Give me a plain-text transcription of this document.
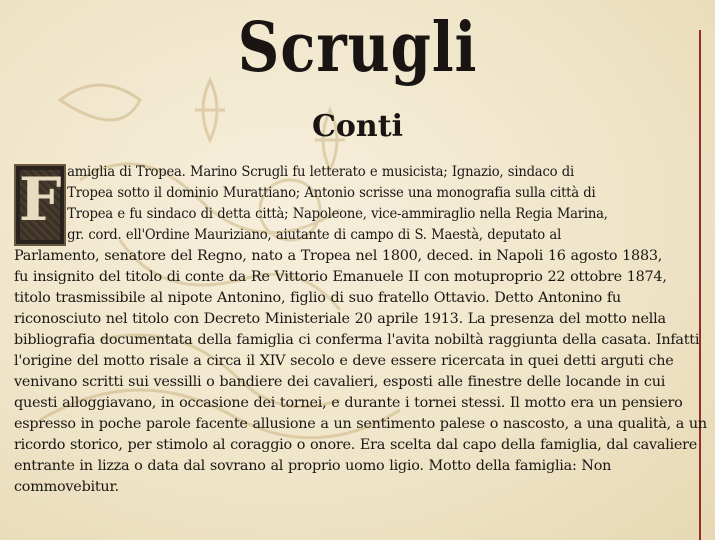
Scrugli
Conti
F amiglia di Tropea. Marino Scrugli fu letterato e musicista; Ignazio, sindaco di
Tropea sotto il dominio Murattiano; Antonio scrisse una monografia sulla città di
Tropea e fu sindaco di detta città; Napoleone, vice-ammiraglio nella Regia Marina,
gr. cord. ell'Ordine Mauriziano, aiutante di campo di S. Maestà, deputato al
Parlamento, senatore del Regno, nato a Tropea nel 1800, deced. in Napoli 16 agosto 1883,
fu insignito del titolo di conte da Re Vittorio Emanuele II con motuproprio 22 ottobre 1874,
titolo trasmissibile al nipote Antonino, figlio di suo fratello Ottavio. Detto Antonino fu
riconosciuto nel titolo con Decreto Ministeriale 20 aprile 1913. La presenza del motto nella
bibliografia documentata della famiglia ci conferma l'avita nobiltà raggiunta della casata. Infatti
l'origine del motto risale a circa il XIV secolo e deve essere ricercata in quei detti arguti che
venivano scritti sui vessilli o bandiere dei cavalieri, esposti alle finestre delle locande in cui
questi alloggiavano, in occasione dei tornei, e durante i tornei stessi. Il motto era un pensiero
espresso in poche parole facente allusione a un sentimento palese o nascosto, a una qualità, a un
ricordo storico, per stimolo al coraggio o onore. Era scelta dal capo della famiglia, dal cavaliere
entrante in lizza o data dal sovrano al proprio uomo ligio. Motto della famiglia: Non
commovebitur.
